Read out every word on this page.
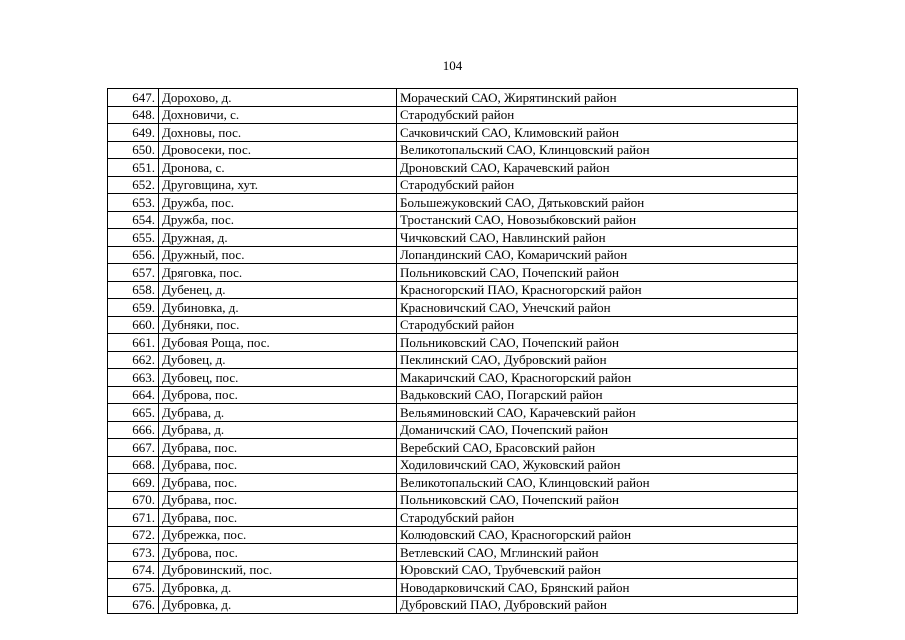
104
647.	Дорохово, д.	Мораческий САО, Жирятинский район
648.	Дохновичи, с.	Стародубский район
649.	Дохновы, пос.	Сачковичский САО, Климовский район
650.	Дровосеки, пос.	Великотопальский САО, Клинцовский район
651.	Дронова, с.	Дроновский САО, Карачевский район
652.	Друговщина, хут.	Стародубский район
653.	Дружба, пос.	Большежуковский САО, Дятьковский район
654.	Дружба, пос.	Тростанский САО, Новозыбковский район
655.	Дружная, д.	Чичковский САО, Навлинский район
656.	Дружный, пос.	Лопандинский САО, Комаричский район
657.	Дряговка, пос.	Польниковский САО, Почепский район
658.	Дубенец, д.	Красногорский ПАО, Красногорский район
659.	Дубиновка, д.	Красновичский САО, Унечский район
660.	Дубняки, пос.	Стародубский район
661.	Дубовая Роща, пос.	Польниковский САО, Почепский район
662.	Дубовец, д.	Пеклинский САО, Дубровский район
663.	Дубовец, пос.	Макаричский САО, Красногорский район
664.	Дуброва, пос.	Вадьковский САО, Погарский район
665.	Дубрава, д.	Вельяминовский САО, Карачевский район
666.	Дубрава, д.	Доманичский САО, Почепский район
667.	Дубрава, пос.	Веребский САО, Брасовский район
668.	Дубрава, пос.	Ходиловичский САО, Жуковский район
669.	Дубрава, пос.	Великотопальский САО, Клинцовский район
670.	Дубрава, пос.	Польниковский САО, Почепский район
671.	Дубрава, пос.	Стародубский район
672.	Дубрежка, пос.	Колюдовский САО, Красногорский район
673.	Дуброва, пос.	Ветлевский САО, Мглинский район
674.	Дубровинский, пос.	Юровский САО, Трубчевский район
675.	Дубровка, д.	Новодарковичский САО, Брянский район
676.	Дубровка, д.	Дубровский ПАО, Дубровский район
